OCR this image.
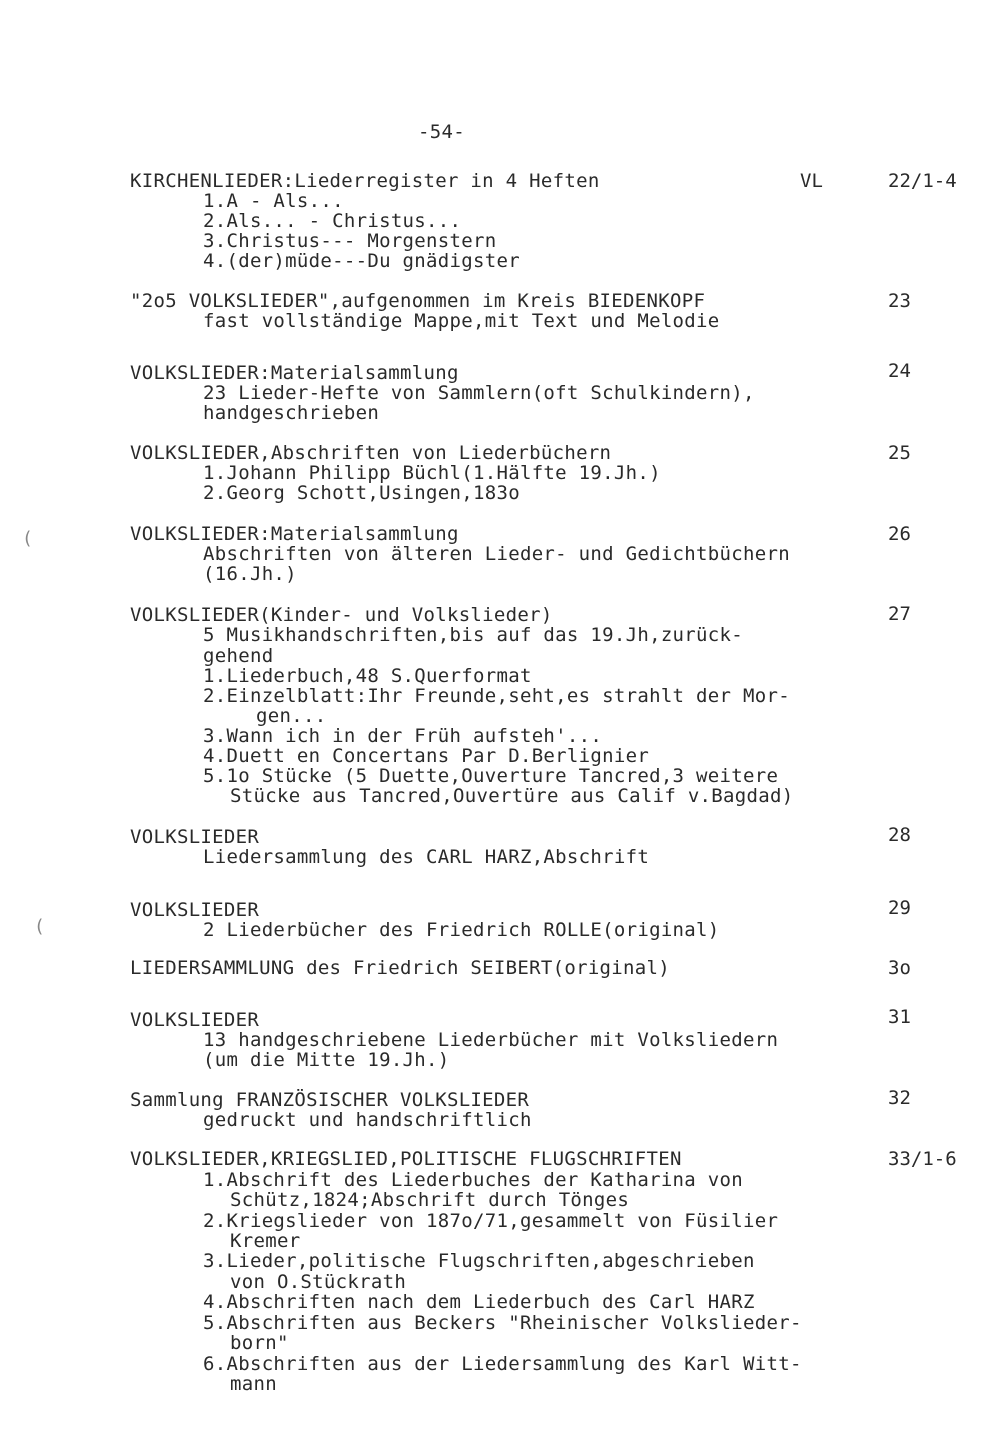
-54-
(
(
KIRCHENLIEDER:Liederregister in 4 Heften
1.A - Als...
2.Als... - Christus...
3.Christus--- Morgenstern
4.(der)müde---Du gnädigster
VL	22/1-4
"2o5 VOLKSLIEDER",aufgenommen im Kreis BIEDENKOPF
fast vollständige Mappe,mit Text und Melodie
23
VOLKSLIEDER:Materialsammlung
23 Lieder-Hefte von Sammlern(oft Schulkindern),
handgeschrieben
24
VOLKSLIEDER,Abschriften von Liederbüchern
1.Johann Philipp Büchl(1.Hälfte 19.Jh.)
2.Georg Schott,Usingen,183o
25
VOLKSLIEDER:Materialsammlung
Abschriften von älteren Lieder- und Gedichtbüchern
(16.Jh.)
26
VOLKSLIEDER(Kinder- und Volkslieder)
5 Musikhandschriften,bis auf das 19.Jh,zurück-
gehend
1.Liederbuch,48 S.Querformat
2.Einzelblatt:Ihr Freunde,seht,es strahlt der Mor-
gen...
3.Wann ich in der Früh aufsteh'...
4.Duett en Concertans Par D.Berlignier
5.1o Stücke (5 Duette,Ouverture Tancred,3 weitere
Stücke aus Tancred,Ouvertüre aus Calif v.Bagdad)
27
VOLKSLIEDER
Liedersammlung des CARL HARZ,Abschrift
28
VOLKSLIEDER
2 Liederbücher des Friedrich ROLLE(original)
29
LIEDERSAMMLUNG des Friedrich SEIBERT(original)	3o
VOLKSLIEDER
13 handgeschriebene Liederbücher mit Volksliedern
(um die Mitte 19.Jh.)
31
Sammlung FRANZÖSISCHER VOLKSLIEDER
gedruckt und handschriftlich
32
VOLKSLIEDER,KRIEGSLIED,POLITISCHE FLUGSCHRIFTEN
1.Abschrift des Liederbuches der Katharina von
Schütz,1824;Abschrift durch Tönges
2.Kriegslieder von 187o/71,gesammelt von Füsilier
Kremer
3.Lieder,politische Flugschriften,abgeschrieben
von O.Stückrath
4.Abschriften nach dem Liederbuch des Carl HARZ
5.Abschriften aus Beckers "Rheinischer Volkslieder-
born"
6.Abschriften aus der Liedersammlung des Karl Witt-
mann
33/1-6
